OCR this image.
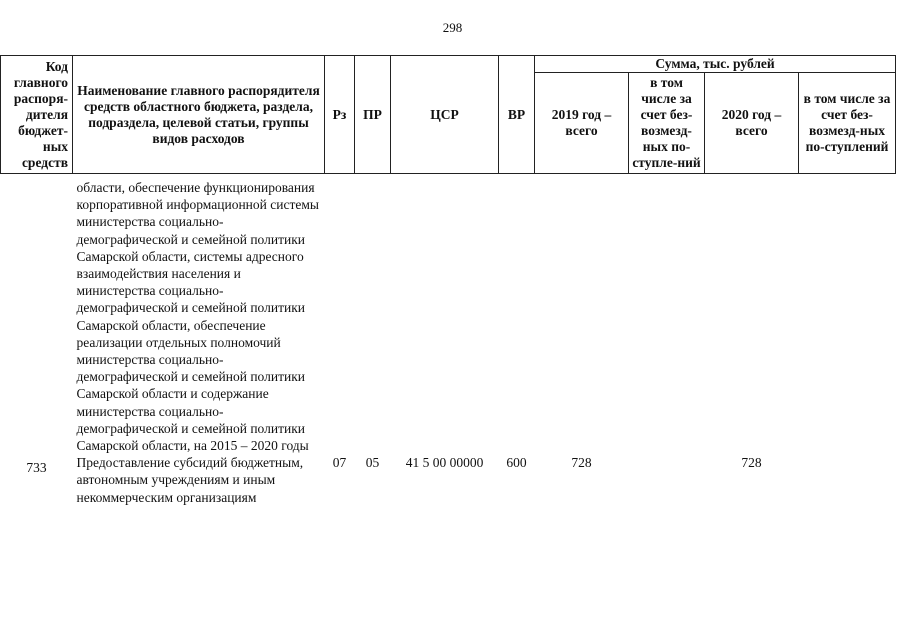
298
Код главного распоря-дителя бюджет-ных средств	Наименование главного распорядителя средств областного бюджета, раздела, подраздела, целевой статьи, группы видов расходов	Рз	ПР	ЦСР	ВР	Сумма, тыс. рублей			
						2019 год – всего	в том числе за счет без-возмезд-ных по-ступле-ний	2020 год – всего	в том числе за счет без-возмезд-ных по-ступлений
	области, обеспечение функционирования корпоративной информационной системы министерства социально-демографической и семейной политики Самарской области, системы адресного взаимодействия населения и министерства социально-демографической и семейной политики Самарской области, обеспечение реализации отдельных полномочий министерства социально-демографической и семейной политики Самарской области и содержание министерства социально-демографической и семейной политики Самарской области, на 2015 – 2020 годы								
733	Предоставление субсидий бюджетным, автономным учреждениям и иным некоммерческим организациям	07	05	41 5 00 00000	600	728		728	
